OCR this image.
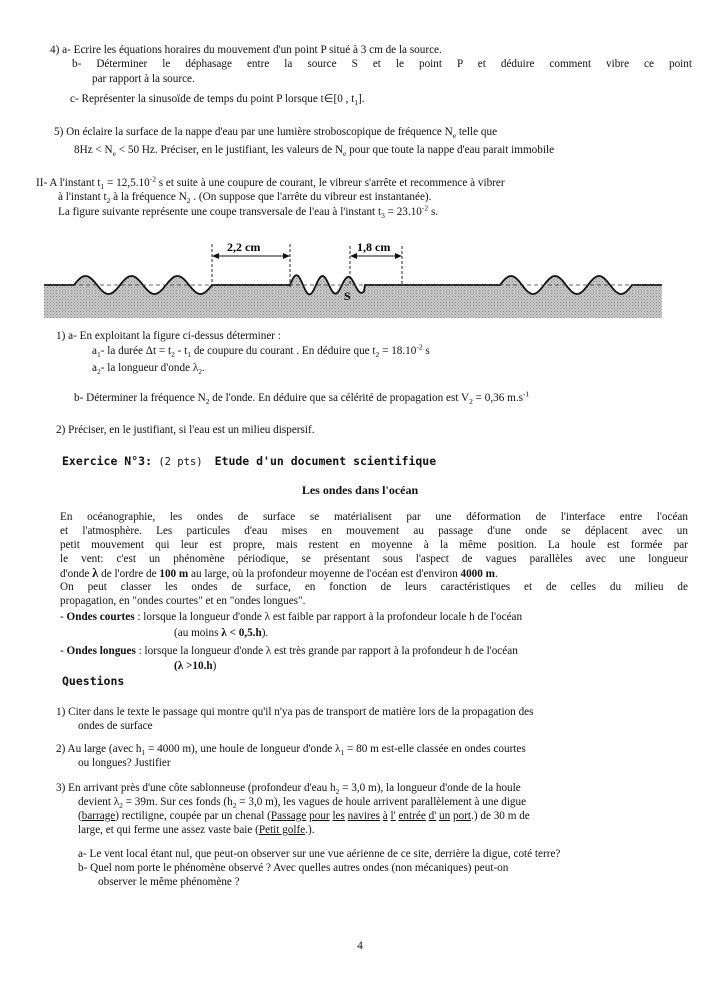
4) a- Ecrire les équations horaires du mouvement d'un point P situé à 3 cm de la source.
b- Déterminer le déphasage entre la source S et le point P et déduire comment vibre ce point
par rapport à la source.
c- Représenter la sinusoïde de temps du point P lorsque t∈[0 , $t_1$].
5) On éclaire la surface de la nappe d'eau par une lumière stroboscopique de fréquence $N_e$ telle que
$8Hz < N_e < 50$ Hz. Préciser, en le justifiant, les valeurs de $N_e$ pour que toute la nappe d'eau parait immobile
II- A l'instant $t_1 = 12,5.10^{-2}$ s et suite à une coupure de courant, le vibreur s'arrête et recommence à vibrer
à l'instant $t_2$ à la fréquence $N_2$ . (On suppose que l'arrête du vibreur est instantanée).
La figure suivante représente une coupe transversale de l'eau à l'instant $t_3 = 23.10^{-2}$ s.
2,2 cm	1,8 cm
S
1) a- En exploitant la figure ci-dessus déterminer :
$a_1-$ la durée $\Delta t = t_2 - t_1$ de coupure du courant . En déduire que $t_2 = 18.10^{-2}$ s
$a_2-$ la longueur d'onde $\lambda_2$.
b- Déterminer la fréquence $N_2$ de l'onde. En déduire que sa célérité de propagation est $V_2 = 0,36$ $m.s^{-1}$
2) Préciser, en le justifiant, si l'eau est un milieu dispersif.
Exercice N°3: (2 pts) Etude d'un document scientifique
Les ondes dans l'océan
En océanographie, les ondes de surface se matérialisent par une déformation de l'interface entre l'océan
et l'atmosphère. Les particules d'eau mises en mouvement au passage d'une onde se déplacent avec un
petit mouvement qui leur est propre, mais restent en moyenne à la même position. La houle est formée par
le vent: c'est un phénomène périodique, se présentant sous l'aspect de vagues parallèles avec une longueur
d'onde λ de l'ordre de 100 m au large, où la profondeur moyenne de l'océan est d'environ 4000 m.
On peut classer les ondes de surface, en fonction de leurs caractéristiques et de celles du milieu de
propagation, en "ondes courtes" et en "ondes longues".
- Ondes courtes : lorsque la longueur d'onde λ est faible par rapport à la profondeur locale h de l'océan
(au moins λ < 0,5.h).
- Ondes longues : lorsque la longueur d'onde λ est très grande par rapport à la profondeur h de l'océan
(λ >10.h)
Questions
1) Citer dans le texte le passage qui montre qu'il n'ya pas de transport de matière lors de la propagation des
ondes de surface
2) Au large (avec $h_1 = 4000$ m), une houle de longueur d'onde $\lambda_1 = 80$ m est-elle classée en ondes courtes
ou longues? Justifier
3) En arrivant près d'une côte sablonneuse (profondeur d'eau $h_2 = 3,0$ m), la longueur d'onde de la houle
devient $\lambda_2 = 39m$. Sur ces fonds ($h_2 = 3,0$ m), les vagues de houle arrivent parallèlement à une digue
(barrage) rectiligne, coupée par un chenal (Passage pour les navires à l' entrée d' un port.) de 30 m de
large, et qui ferme une assez vaste baie (Petit golfe.).
a- Le vent local étant nul, que peut-on observer sur une vue aérienne de ce site, derrière la digue, coté terre?
b- Quel nom porte le phénomène observé ? Avec quelles autres ondes (non mécaniques) peut-on
observer le même phénomène ?
4
